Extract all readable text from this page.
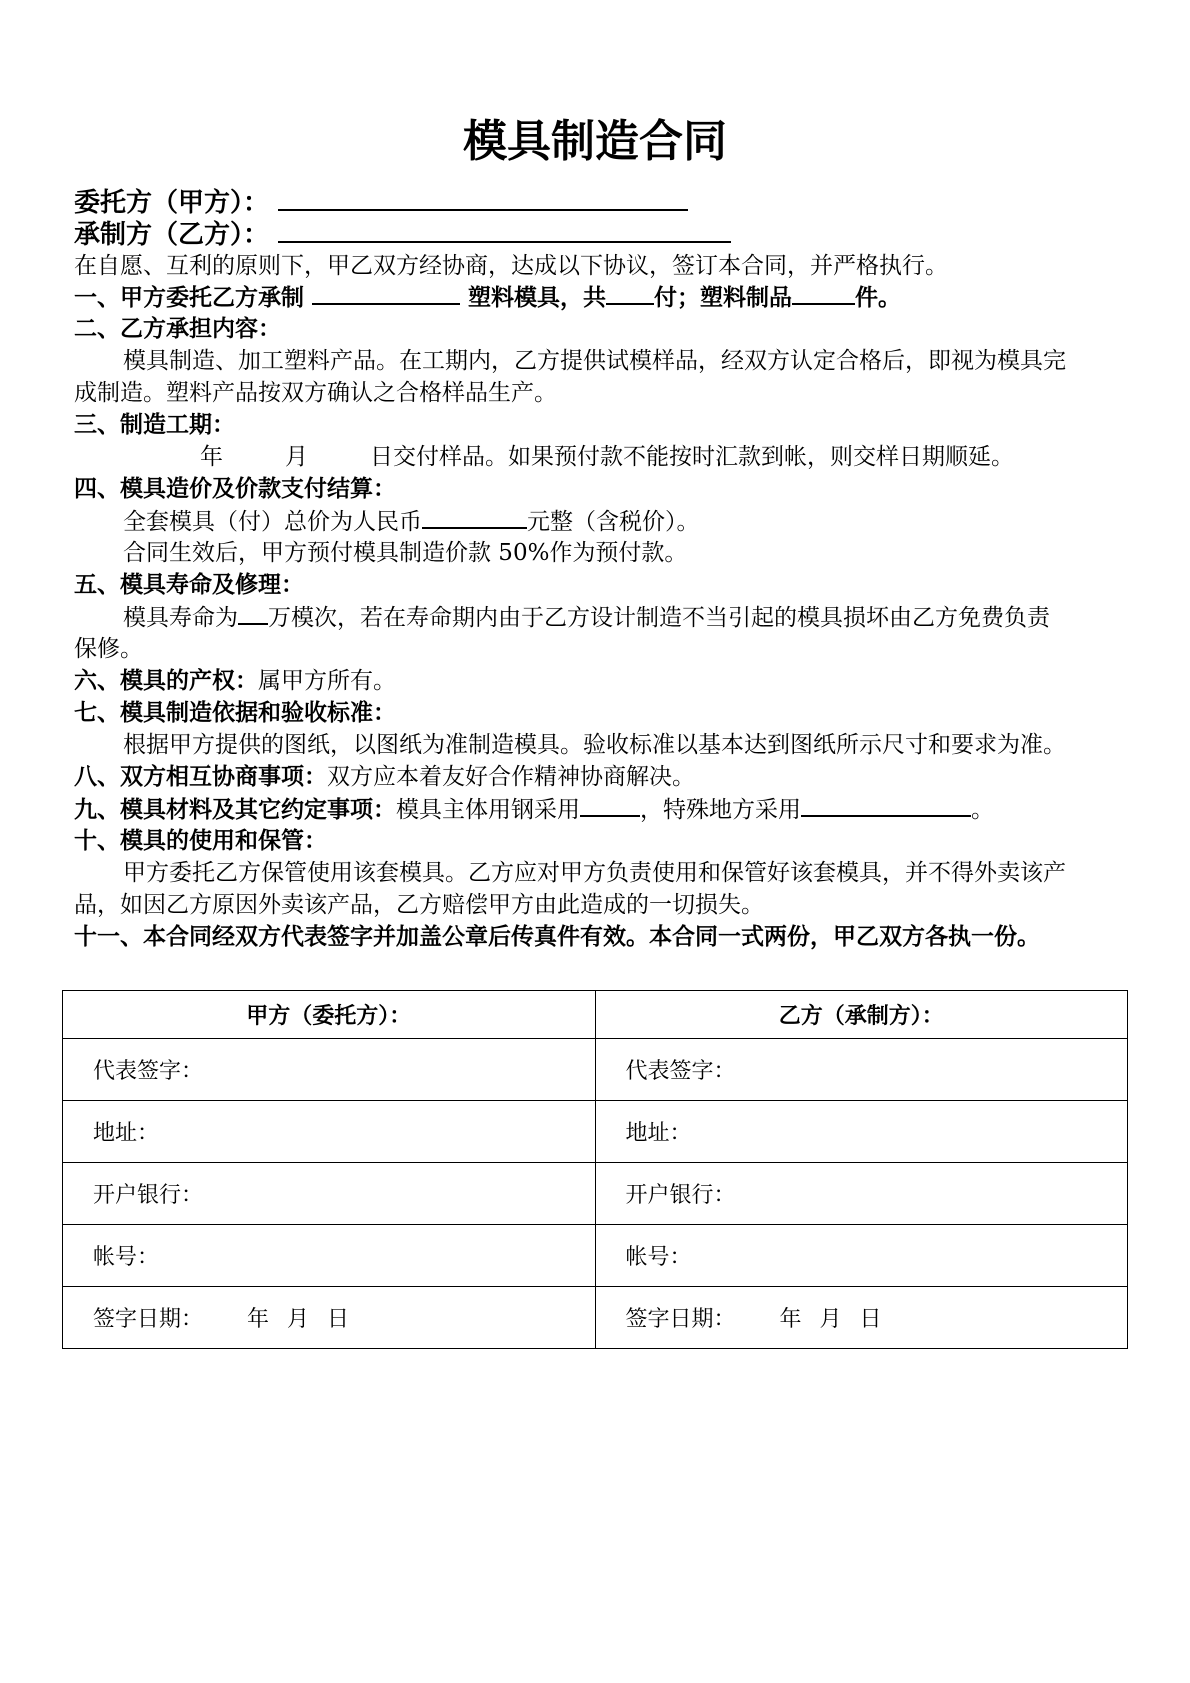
模具制造合同
委托方（甲方）：
承制方（乙方）：
在自愿、互利的原则下，甲乙双方经协商，达成以下协议，签订本合同，并严格执行。
一、甲方委托乙方承制	塑料模具，共 付；塑料制品	件。
二、乙方承担内容：
模具制造、加工塑料产品。在工期内，乙方提供试模样品，经双方认定合格后，即视为模具完
成制造。塑料产品按双方确认之合格样品生产。
三、制造工期：
年	月	日交付样品。如果预付款不能按时汇款到帐，则交样日期顺延。
四、模具造价及价款支付结算：
全套模具（付）总价为人民币	元整（含税价）。
合同生效后，甲方预付模具制造价款 50%作为预付款。
五、模具寿命及修理：
模具寿命为 万模次，若在寿命期内由于乙方设计制造不当引起的模具损坏由乙方免费负责
保修。
六、模具的产权：属甲方所有。
七、模具制造依据和验收标准：
根据甲方提供的图纸，以图纸为准制造模具。验收标准以基本达到图纸所示尺寸和要求为准。
八、双方相互协商事项：双方应本着友好合作精神协商解决。
九、模具材料及其它约定事项：模具主体用钢采用	，特殊地方采用	。
十、模具的使用和保管：
甲方委托乙方保管使用该套模具。乙方应对甲方负责使用和保管好该套模具，并不得外卖该产
品，如因乙方原因外卖该产品，乙方赔偿甲方由此造成的一切损失。
十一、本合同经双方代表签字并加盖公章后传真件有效。本合同一式两份，甲乙双方各执一份。
甲方（委托方）：	乙方（承制方）：
代表签字：	代表签字：
地址：	地址：
开户银行：	开户银行：
帐号：	帐号：
签字日期： 年 月 日	签字日期： 年 月 日
